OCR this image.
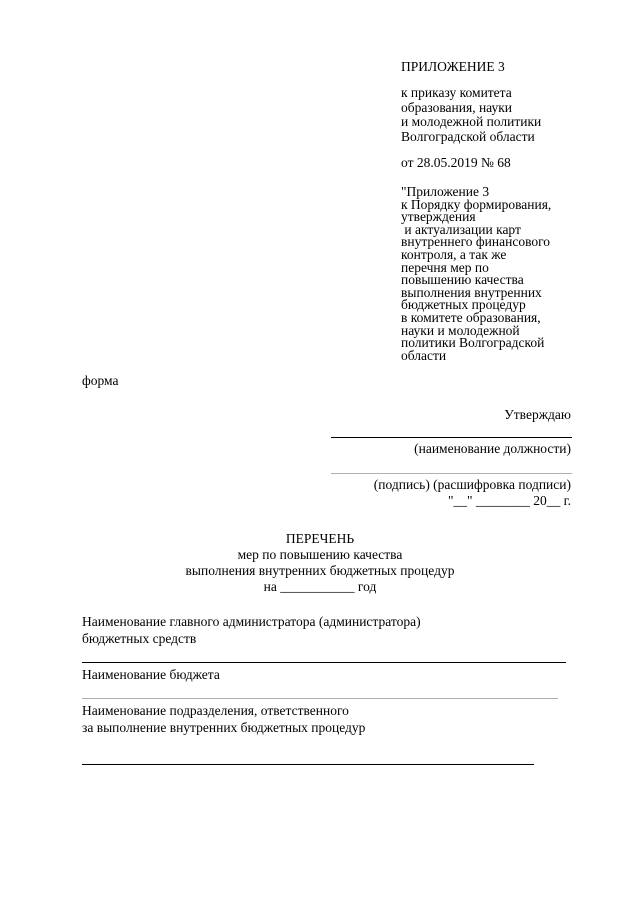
ПРИЛОЖЕНИЕ 3
к приказу комитета
образования, науки
и молодежной политики
Волгоградской области
от 28.05.2019 № 68
"Приложение 3
к Порядку формирования,
утверждения
и актуализации карт
внутреннего финансового
контроля, а так же
перечня мер по
повышению качества
выполнения внутренних
бюджетных процедур
в комитете образования,
науки и молодежной
политики Волгоградской
области
форма
Утверждаю
(наименование должности)
(подпись) (расшифровка подписи)
"__" ________ 20__ г.
ПЕРЕЧЕНЬ
мер по повышению качества
выполнения внутренних бюджетных процедур
на ___________ год
Наименование главного администратора (администратора)
бюджетных средств
Наименование бюджета
Наименование подразделения, ответственного
за выполнение внутренних бюджетных процедур
